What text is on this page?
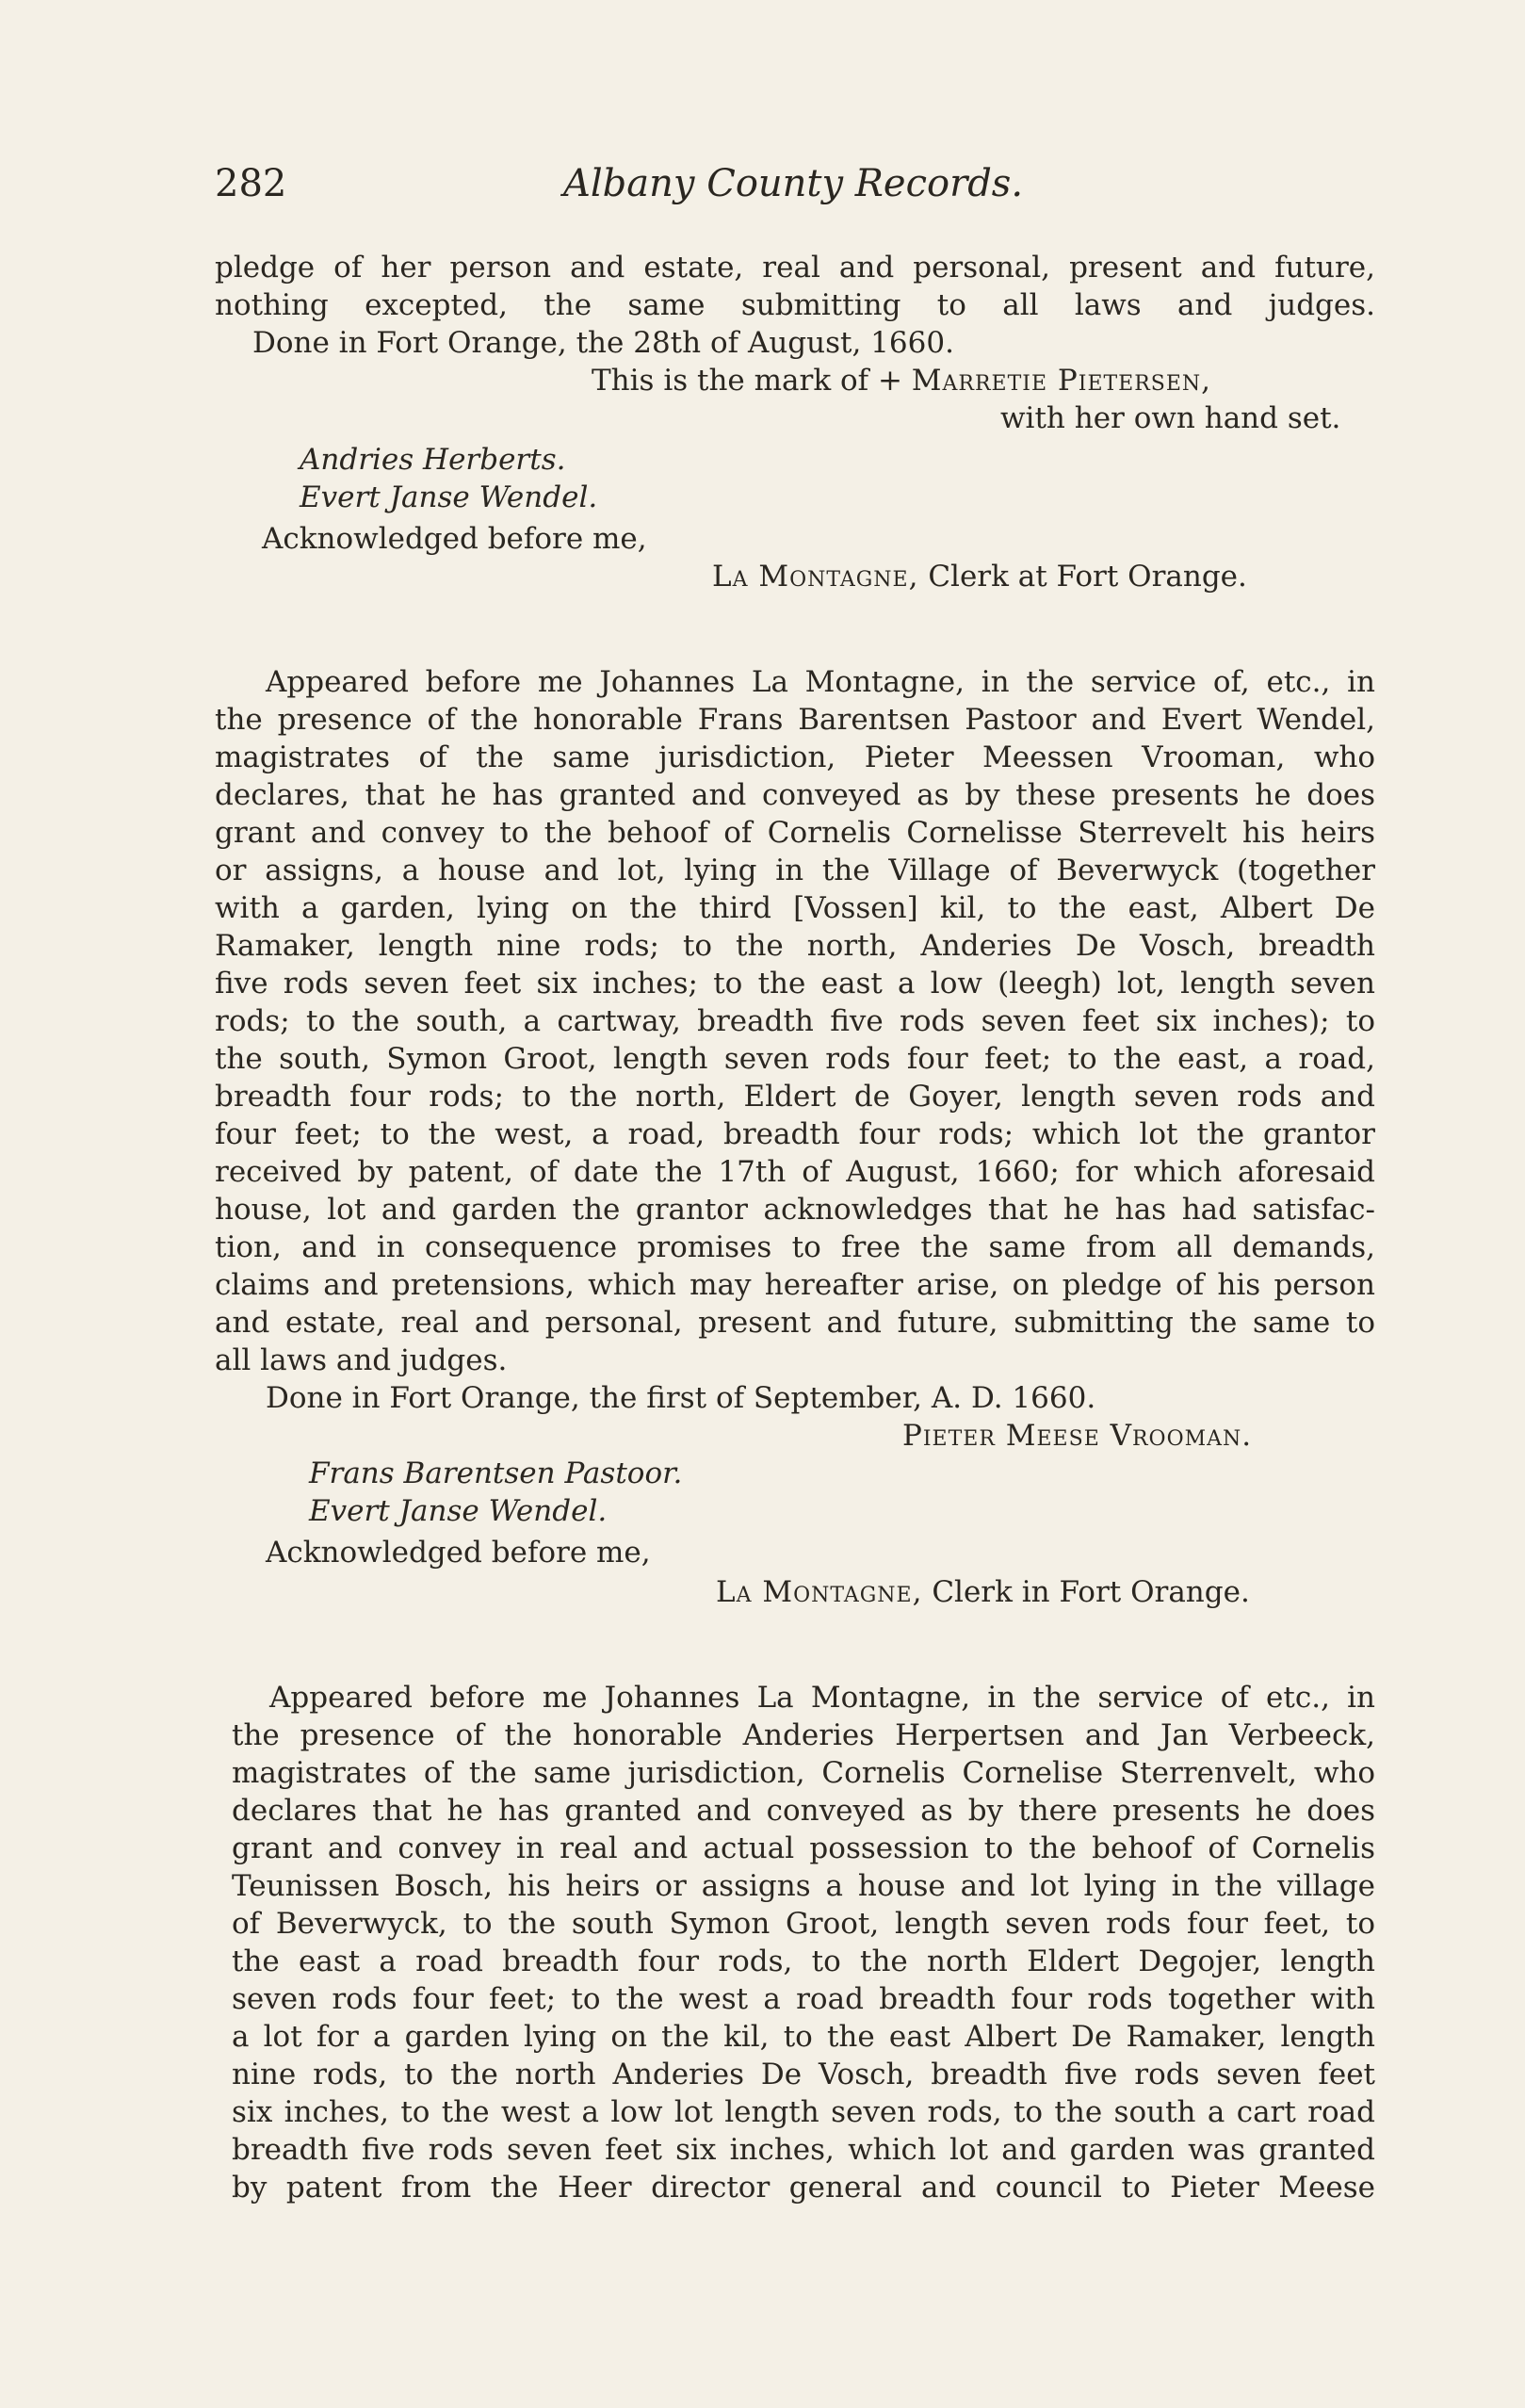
282	Albany County Records.
pledge of her person and estate, real and personal, present and future,
nothing excepted, the same submitting to all laws and judges.
Done in Fort Orange, the 28th of August, 1660.
This is the mark of + Marretie Pietersen,
with her own hand set.
Andries Herberts.
Evert Janse Wendel.
Acknowledged before me,
La Montagne, Clerk at Fort Orange.
Appeared before me Johannes La Montagne, in the service of, etc., in
the presence of the honorable Frans Barentsen Pastoor and Evert Wendel,
magistrates of the same jurisdiction, Pieter Meessen Vrooman, who
declares, that he has granted and conveyed as by these presents he does
grant and convey to the behoof of Cornelis Cornelisse Sterrevelt his heirs
or assigns, a house and lot, lying in the Village of Beverwyck (together
with a garden, lying on the third [Vossen] kil, to the east, Albert De
Ramaker, length nine rods; to the north, Anderies De Vosch, breadth
five rods seven feet six inches; to the east a low (leegh) lot, length seven
rods; to the south, a cartway, breadth five rods seven feet six inches); to
the south, Symon Groot, length seven rods four feet; to the east, a road,
breadth four rods; to the north, Eldert de Goyer, length seven rods and
four feet; to the west, a road, breadth four rods; which lot the grantor
received by patent, of date the 17th of August, 1660; for which aforesaid
house, lot and garden the grantor acknowledges that he has had satisfac-
tion, and in consequence promises to free the same from all demands,
claims and pretensions, which may hereafter arise, on pledge of his person
and estate, real and personal, present and future, submitting the same to
all laws and judges.
Done in Fort Orange, the first of September, A. D. 1660.
Pieter Meese Vrooman.
Frans Barentsen Pastoor.
Evert Janse Wendel.
Acknowledged before me,
La Montagne, Clerk in Fort Orange.
Appeared before me Johannes La Montagne, in the service of etc., in
the presence of the honorable Anderies Herpertsen and Jan Verbeeck,
magistrates of the same jurisdiction, Cornelis Cornelise Sterrenvelt, who
declares that he has granted and conveyed as by there presents he does
grant and convey in real and actual possession to the behoof of Cornelis
Teunissen Bosch, his heirs or assigns a house and lot lying in the village
of Beverwyck, to the south Symon Groot, length seven rods four feet, to
the east a road breadth four rods, to the north Eldert Degojer, length
seven rods four feet; to the west a road breadth four rods together with
a lot for a garden lying on the kil, to the east Albert De Ramaker, length
nine rods, to the north Anderies De Vosch, breadth five rods seven feet
six inches, to the west a low lot length seven rods, to the south a cart road
breadth five rods seven feet six inches, which lot and garden was granted
by patent from the Heer director general and council to Pieter Meese
